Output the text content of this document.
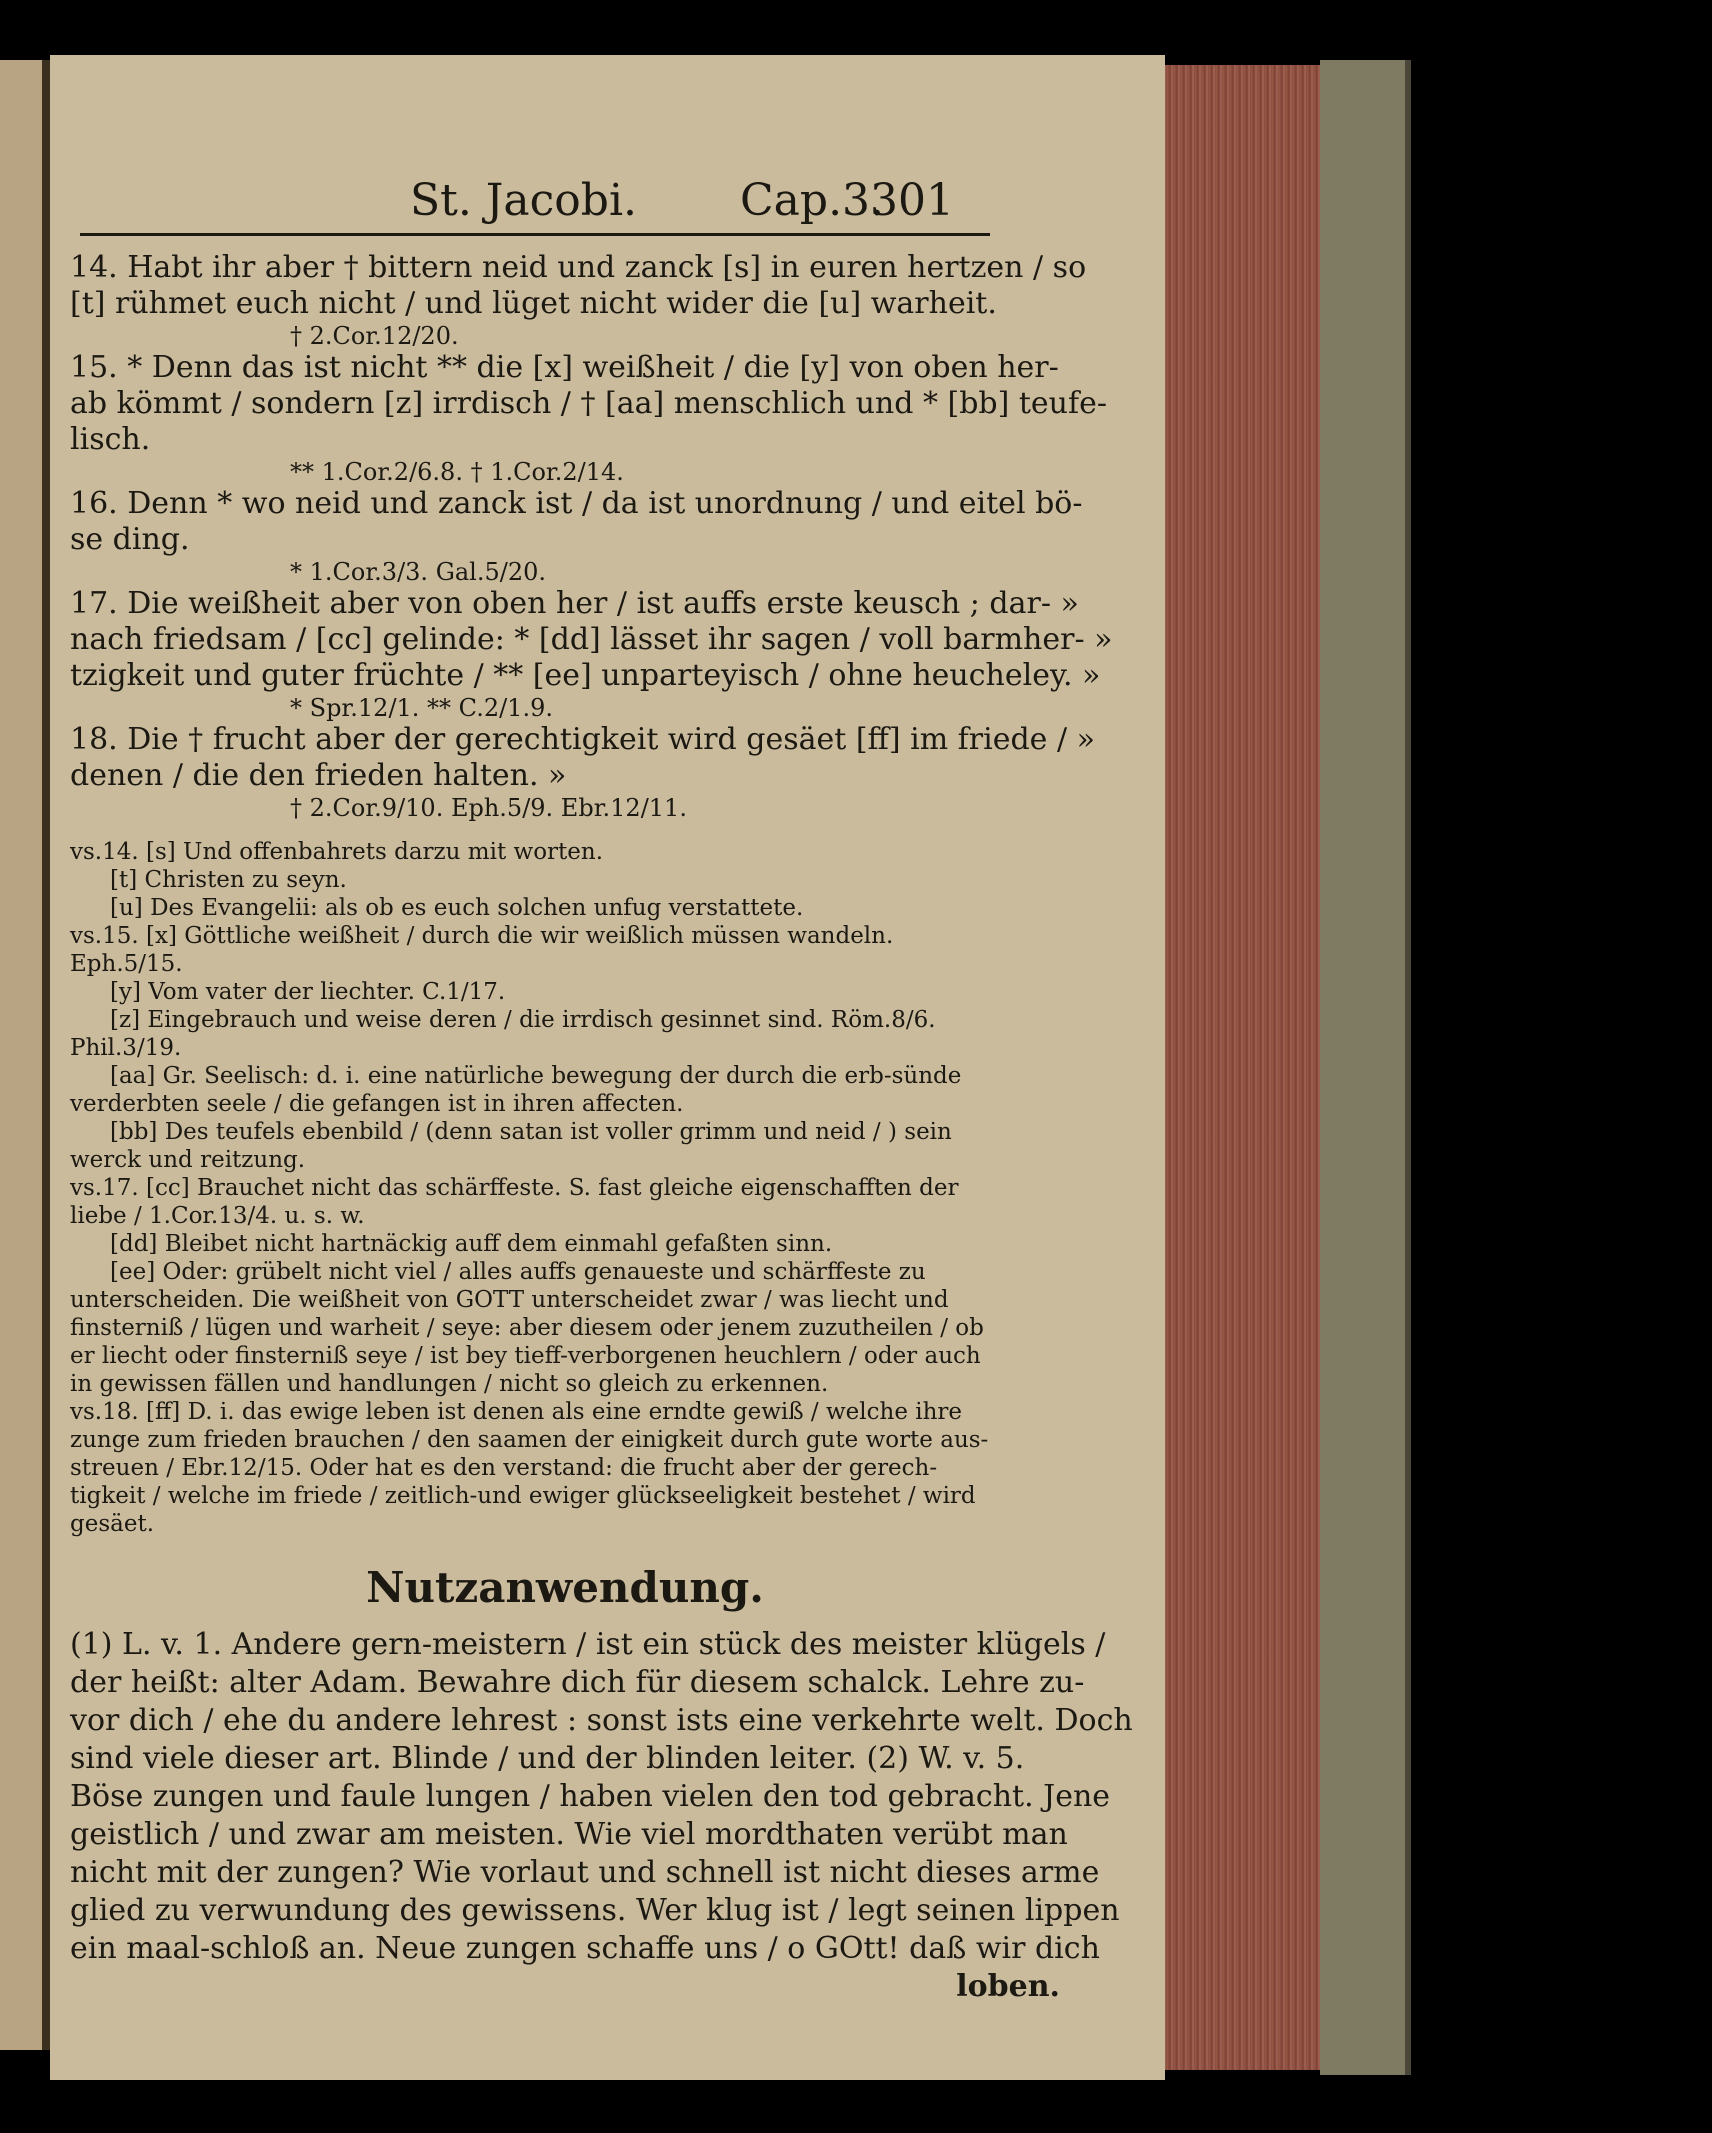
St. Jacobi. Cap.3.
301

14. Habt ihr aber † bittern neid und zanck [s] in euren hertzen / so

[t] rühmet euch nicht / und lüget nicht wider die [u] warheit.

† 2.Cor.12/20.

15. * Denn das ist nicht ** die [x] weißheit / die [y] von oben her-

ab kömmt / sondern [z] irrdisch / † [aa] menschlich und * [bb] teufe-

lisch.

** 1.Cor.2/6.8. † 1.Cor.2/14.

16. Denn * wo neid und zanck ist / da ist unordnung / und eitel bö-

se ding.

* 1.Cor.3/3. Gal.5/20.

17. Die weißheit aber von oben her / ist auffs erste keusch ; dar- »

nach friedsam / [cc] gelinde: * [dd] lässet ihr sagen / voll barmher- »

tzigkeit und guter früchte / ** [ee] unparteyisch / ohne heucheley. »

* Spr.12/1. ** C.2/1.9.

18. Die † frucht aber der gerechtigkeit wird gesäet [ff] im friede / »

denen / die den frieden halten. »

† 2.Cor.9/10. Eph.5/9. Ebr.12/11.

vs.14. [s] Und offenbahrets darzu mit worten.

[t] Christen zu seyn.

[u] Des Evangelii: als ob es euch solchen unfug verstattete.

vs.15. [x] Göttliche weißheit / durch die wir weißlich müssen wandeln.

Eph.5/15.

[y] Vom vater der liechter. C.1/17.

[z] Eingebrauch und weise deren / die irrdisch gesinnet sind. Röm.8/6.

Phil.3/19.

[aa] Gr. Seelisch: d. i. eine natürliche bewegung der durch die erb-sünde

verderbten seele / die gefangen ist in ihren affecten.

[bb] Des teufels ebenbild / (denn satan ist voller grimm und neid / ) sein

werck und reitzung.

vs.17. [cc] Brauchet nicht das schärffeste. S. fast gleiche eigenschafften der

liebe / 1.Cor.13/4. u. s. w.

[dd] Bleibet nicht hartnäckig auff dem einmahl gefaßten sinn.

[ee] Oder: grübelt nicht viel / alles auffs genaueste und schärffeste zu

unterscheiden. Die weißheit von GOTT unterscheidet zwar / was liecht und

finsterniß / lügen und warheit / seye: aber diesem oder jenem zuzutheilen / ob

er liecht oder finsterniß seye / ist bey tieff-verborgenen heuchlern / oder auch

in gewissen fällen und handlungen / nicht so gleich zu erkennen.

vs.18. [ff] D. i. das ewige leben ist denen als eine erndte gewiß / welche ihre

zunge zum frieden brauchen / den saamen der einigkeit durch gute worte aus-

streuen / Ebr.12/15. Oder hat es den verstand: die frucht aber der gerech-

tigkeit / welche im friede / zeitlich-und ewiger glückseeligkeit bestehet / wird

gesäet.

Nutzanwendung.

(1) L. v. 1. Andere gern-meistern / ist ein stück des meister klügels /

der heißt: alter Adam. Bewahre dich für diesem schalck. Lehre zu-

vor dich / ehe du andere lehrest : sonst ists eine verkehrte welt. Doch

sind viele dieser art. Blinde / und der blinden leiter. (2) W. v. 5.

Böse zungen und faule lungen / haben vielen den tod gebracht. Jene

geistlich / und zwar am meisten. Wie viel mordthaten verübt man

nicht mit der zungen? Wie vorlaut und schnell ist nicht dieses arme

glied zu verwundung des gewissens. Wer klug ist / legt seinen lippen

ein maal-schloß an. Neue zungen schaffe uns / o GOtt! daß wir dich

loben.
